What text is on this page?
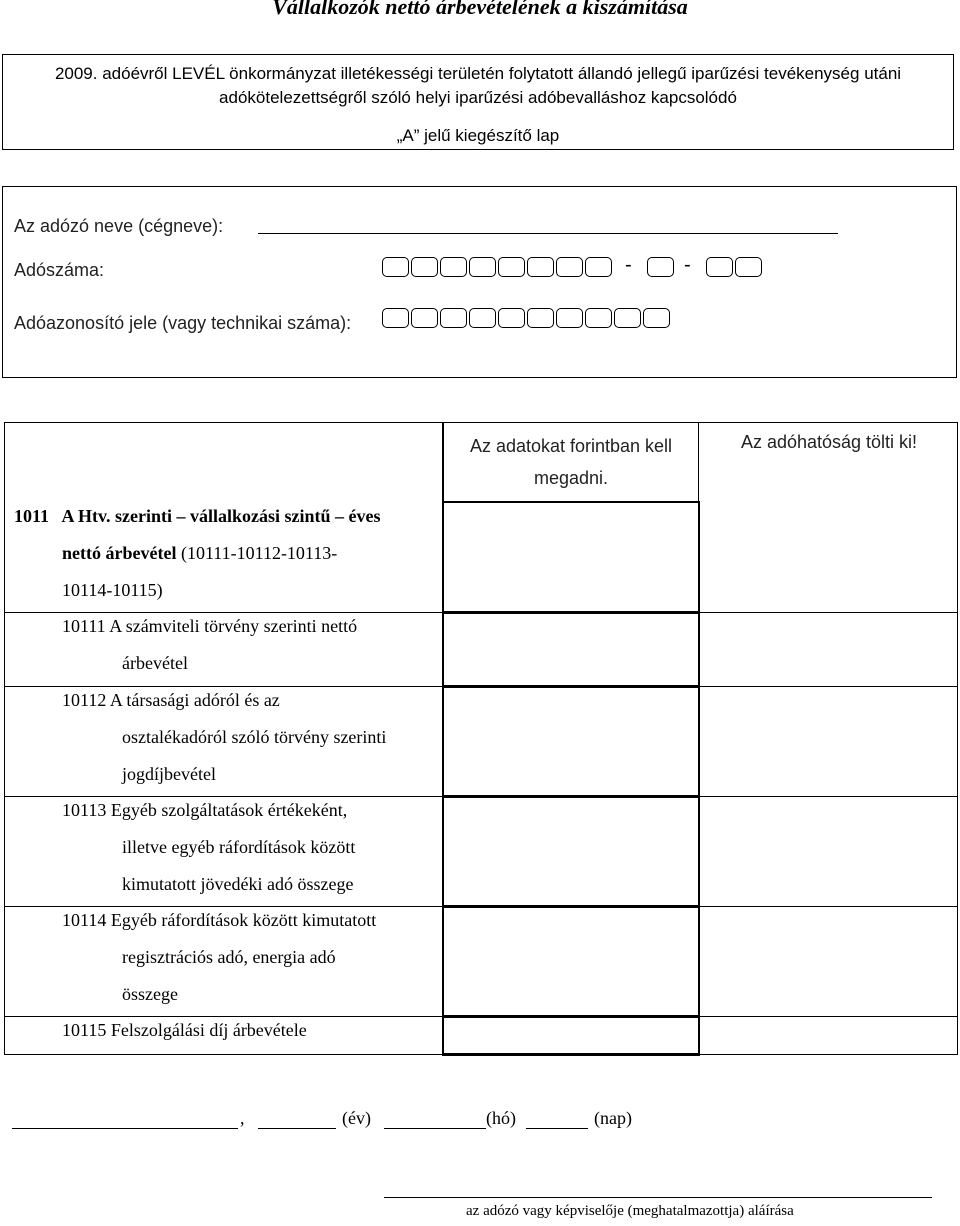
Vállalkozók nettó árbevételének a kiszámítása
2009. adóévről LEVÉL önkormányzat illetékességi területén folytatott állandó jellegű iparűzési tevékenység utáni
adókötelezettségről szóló helyi iparűzési adóbevalláshoz kapcsolódó
„A” jelű kiegészítő lap
Az adózó neve (cégneve):
Adószáma:	-	-
Adóazonosító jele (vagy technikai száma):
Az adatokat forintban kell megadni.
Az adóhatóság tölti ki!
1011 A Htv. szerinti – vállalkozási szintű – éves
nettó árbevétel (10111-10112-10113-
10114-10115)
10111 A számviteli törvény szerinti nettó
árbevétel
10112 A társasági adóról és az
osztalékadóról szóló törvény szerinti
jogdíjbevétel
10113 Egyéb szolgáltatások értékeként,
illetve egyéb ráfordítások között
kimutatott jövedéki adó összege
10114 Egyéb ráfordítások között kimutatott
regisztrációs adó, energia adó
összege
10115 Felszolgálási díj árbevétele
,	(év)	(hó)	(nap)
az adózó vagy képviselője (meghatalmazottja) aláírása
